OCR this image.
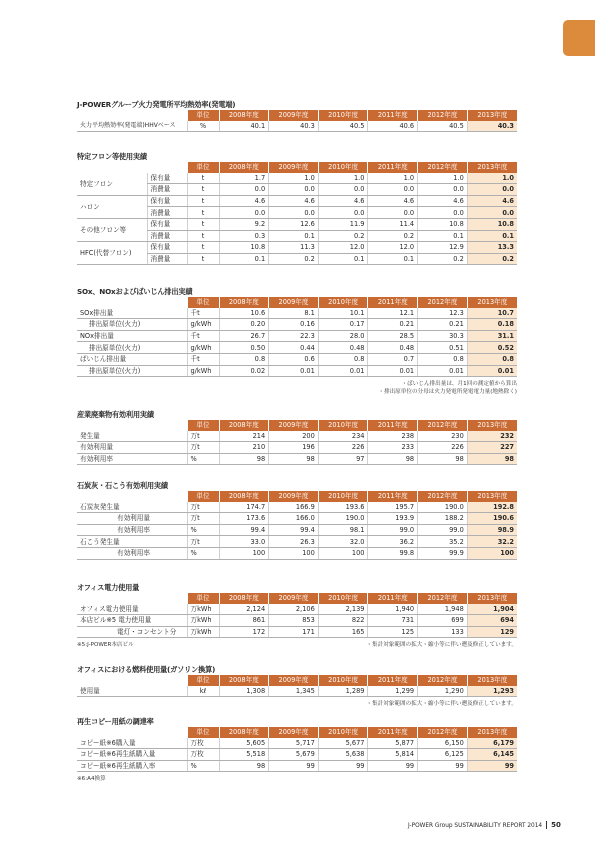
J-POWERグループ火力発電所平均熱効率(発電端)
	単位	2008年度	2009年度	2010年度	2011年度	2012年度	2013年度
火力平均熱効率(発電端)HHVベース	%	40.1	40.3	40.5	40.6	40.5	40.3
特定フロン等使用実績
		単位	2008年度	2009年度	2010年度	2011年度	2012年度	2013年度
特定フロン	保有量	t	1.7	1.0	1.0	1.0	1.0	1.0
	消費量	t	0.0	0.0	0.0	0.0	0.0	0.0
ハロン	保有量	t	4.6	4.6	4.6	4.6	4.6	4.6
	消費量	t	0.0	0.0	0.0	0.0	0.0	0.0
その他フロン等	保有量	t	9.2	12.6	11.9	11.4	10.8	10.8
	消費量	t	0.3	0.1	0.2	0.2	0.1	0.1
HFC(代替フロン)	保有量	t	10.8	11.3	12.0	12.0	12.9	13.3
	消費量	t	0.1	0.2	0.1	0.1	0.2	0.2
SOx、NOxおよびばいじん排出実績
	単位	2008年度	2009年度	2010年度	2011年度	2012年度	2013年度
SOx排出量	千t	10.6	8.1	10.1	12.1	12.3	10.7
排出原単位(火力)	g/kWh	0.20	0.16	0.17	0.21	0.21	0.18
NOx排出量	千t	26.7	22.3	28.0	28.5	30.3	31.1
排出原単位(火力)	g/kWh	0.50	0.44	0.48	0.48	0.51	0.52
ばいじん排出量	千t	0.8	0.6	0.8	0.7	0.8	0.8
排出原単位(火力)	g/kWh	0.02	0.01	0.01	0.01	0.01	0.01
・ばいじん排出量は、月1回の測定値から算出
・排出原単位の分母は火力発電所発電電力量(地熱除く)
産業廃棄物有効利用実績
	単位	2008年度	2009年度	2010年度	2011年度	2012年度	2013年度
発生量	万t	214	200	234	238	230	232
有効利用量	万t	210	196	226	233	226	227
有効利用率	%	98	98	97	98	98	98
石炭灰・石こう有効利用実績
	単位	2008年度	2009年度	2010年度	2011年度	2012年度	2013年度
石炭灰発生量	万t	174.7	166.9	193.6	195.7	190.0	192.8
有効利用量	万t	173.6	166.0	190.0	193.9	188.2	190.6
有効利用率	%	99.4	99.4	98.1	99.0	99.0	98.9
石こう発生量	万t	33.0	26.3	32.0	36.2	35.2	32.2
有効利用率	%	100	100	100	99.8	99.9	100
オフィス電力使用量
	単位	2008年度	2009年度	2010年度	2011年度	2012年度	2013年度
オフィス電力使用量	万kWh	2,124	2,106	2,139	1,940	1,948	1,904
本店ビル※5 電力使用量	万kWh	861	853	822	731	699	694
電灯・コンセント分	万kWh	172	171	165	125	133	129
※5:J-POWER本店ビル	・集計対象範囲の拡大・縮小等に伴い遡及修正しています。
オフィスにおける燃料使用量(ガソリン換算)
	単位	2008年度	2009年度	2010年度	2011年度	2012年度	2013年度
使用量	kℓ	1,308	1,345	1,289	1,299	1,290	1,293
・集計対象範囲の拡大・縮小等に伴い遡及修正しています。
再生コピー用紙の調達率
	単位	2008年度	2009年度	2010年度	2011年度	2012年度	2013年度
コピー紙※6購入量	万枚	5,605	5,717	5,677	5,877	6,150	6,179
コピー紙※6再生紙購入量	万枚	5,518	5,679	5,638	5,814	6,125	6,145
コピー紙※6再生紙購入率	%	98	99	99	99	99	99
※6:A4換算
J-POWER Group SUSTAINABILITY REPORT 2014 50
